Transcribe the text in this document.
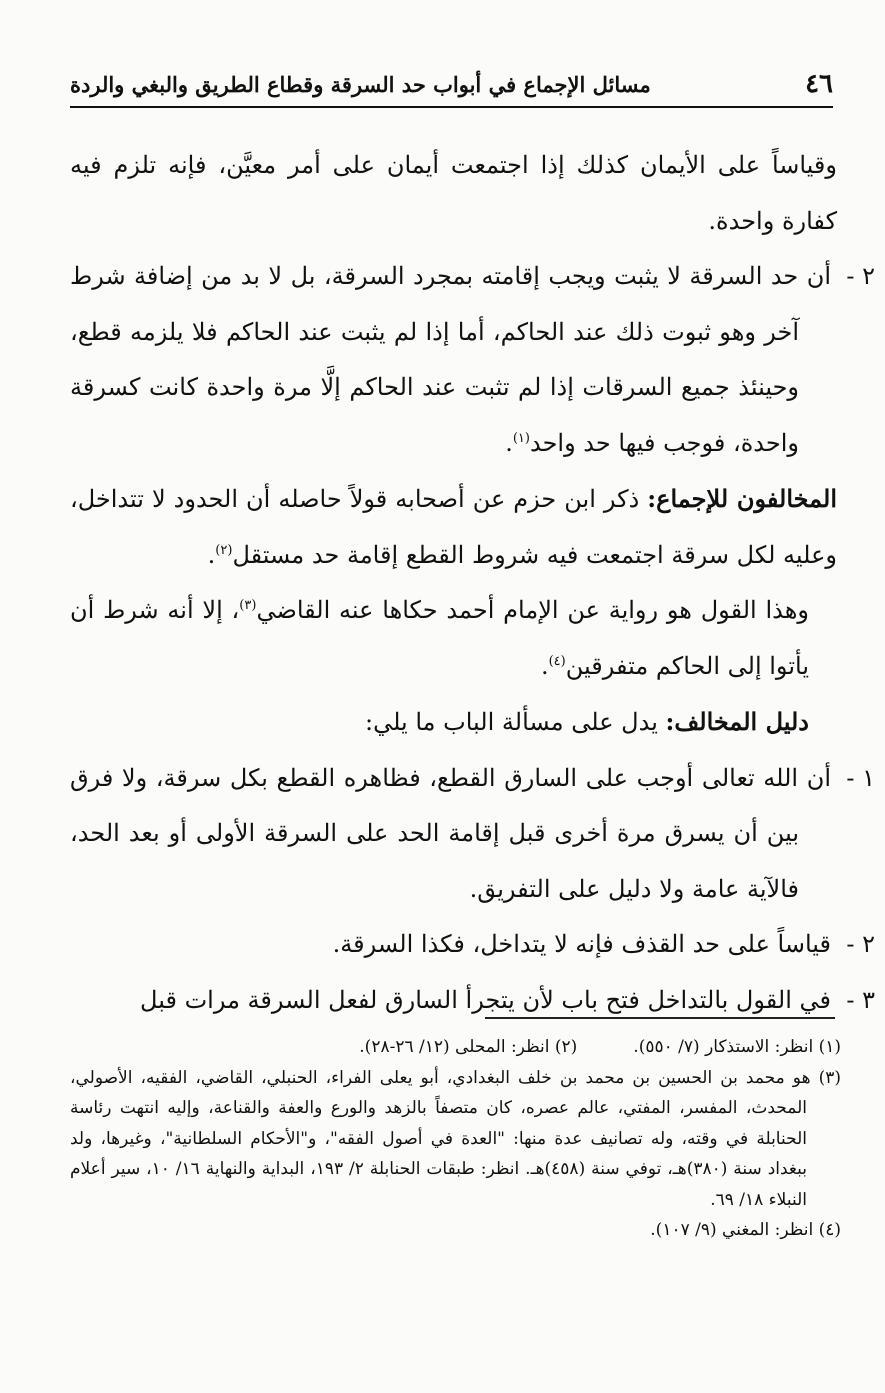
٤٦
مسائل الإجماع في أبواب حد السرقة وقطاع الطريق والبغي والردة

وقياساً على الأيمان كذلك إذا اجتمعت أيمان على أمر معيَّن، فإنه تلزم فيه كفارة واحدة.

٢ -أن حد السرقة لا يثبت ويجب إقامته بمجرد السرقة، بل لا بد من إضافة شرط آخر وهو ثبوت ذلك عند الحاكم، أما إذا لم يثبت عند الحاكم فلا يلزمه قطع، وحينئذ جميع السرقات إذا لم تثبت عند الحاكم إلَّا مرة واحدة كانت كسرقة واحدة، فوجب فيها حد واحد$^{(١)}$.

المخالفون للإجماع: ذكر ابن حزم عن أصحابه قولاً حاصله أن الحدود لا تتداخل، وعليه لكل سرقة اجتمعت فيه شروط القطع إقامة حد مستقل$^{(٢)}$.

وهذا القول هو رواية عن الإمام أحمد حكاها عنه القاضي$^{(٣)}$، إلا أنه شرط أن يأتوا إلى الحاكم متفرقين$^{(٤)}$.

دليل المخالف: يدل على مسألة الباب ما يلي:

١ -أن الله تعالى أوجب على السارق القطع، فظاهره القطع بكل سرقة، ولا فرق بين أن يسرق مرة أخرى قبل إقامة الحد على السرقة الأولى أو بعد الحد، فالآية عامة ولا دليل على التفريق.

٢ -قياساً على حد القذف فإنه لا يتداخل، فكذا السرقة.

٣ -في القول بالتداخل فتح باب لأن يتجرأ السارق لفعل السرقة مرات قبل

(١) انظر: الاستذكار (٧/ ٥٥٠).
(٢) انظر: المحلى (١٢/ ٢٦-٢٨).

(٣) هو محمد بن الحسين بن محمد بن خلف البغدادي، أبو يعلى الفراء، الحنبلي، القاضي، الفقيه، الأصولي، المحدث، المفسر، المفتي، عالم عصره، كان متصفاً بالزهد والورع والعفة والقناعة، وإليه انتهت رئاسة الحنابلة في وقته، وله تصانيف عدة منها: "العدة في أصول الفقه"، و"الأحكام السلطانية"، وغيرها، ولد ببغداد سنة (٣٨٠)هـ، توفي سنة (٤٥٨)هـ. انظر: طبقات الحنابلة ٢/ ١٩٣، البداية والنهاية ١٦/ ١٠، سير أعلام النبلاء ١٨/ ٦٩.

(٤) انظر: المغني (٩/ ١٠٧).
